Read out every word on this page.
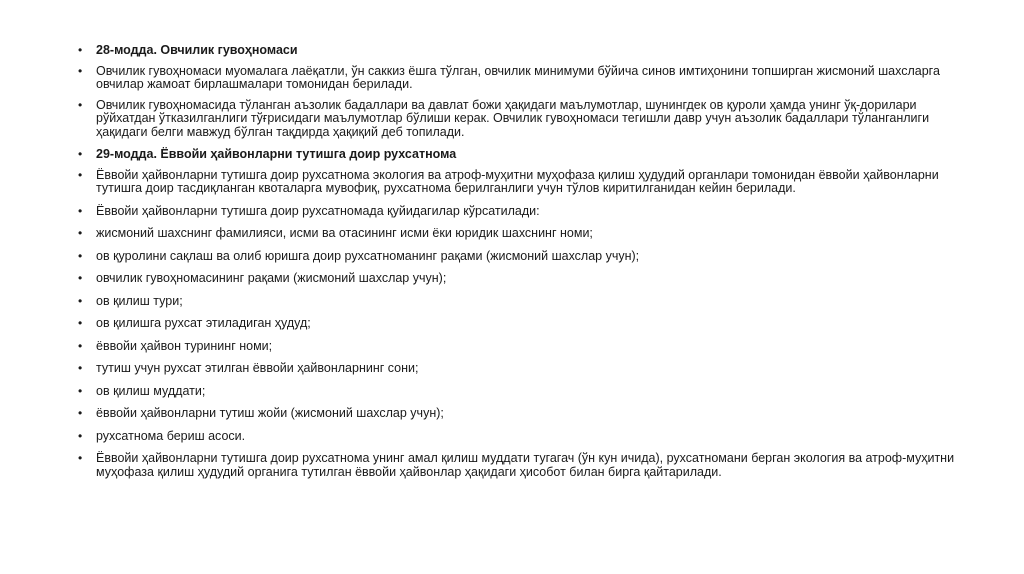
• 28-модда. Овчилик гувоҳномаси
• Овчилик гувоҳномаси муомалага лаёқатли, ўн саккиз ёшга тўлган, овчилик минимуми бўйича синов имтиҳонини топширган жисмоний шахсларга овчилар жамоат бирлашмалари томонидан берилади.
• Овчилик гувоҳномасида тўланган аъзолик бадаллари ва давлат божи ҳақидаги маълумотлар, шунингдек ов қуроли ҳамда унинг ўқ-дорилари рўйхатдан ўтказилганлиги тўғрисидаги маълумотлар бўлиши керак. Овчилик гувоҳномаси тегишли давр учун аъзолик бадаллари тўланганлиги ҳақидаги белги мавжуд бўлган тақдирда ҳақиқий деб топилади.
• 29-модда. Ёввойи ҳайвонларни тутишга доир рухсатнома
• Ёввойи ҳайвонларни тутишга доир рухсатнома экология ва атроф-муҳитни муҳофаза қилиш ҳудудий органлари томонидан ёввойи ҳайвонларни тутишга доир тасдиқланган квоталарга мувофиқ, рухсатнома берилганлиги учун тўлов киритилганидан кейин берилади.
• Ёввойи ҳайвонларни тутишга доир рухсатномада қуйидагилар кўрсатилади:
• жисмоний шахснинг фамилияси, исми ва отасининг исми ёки юридик шахснинг номи;
• ов қуролини сақлаш ва олиб юришга доир рухсатноманинг рақами (жисмоний шахслар учун);
• овчилик гувоҳномасининг рақами (жисмоний шахслар учун);
• ов қилиш тури;
• ов қилишга рухсат этиладиган ҳудуд;
• ёввойи ҳайвон турининг номи;
• тутиш учун рухсат этилган ёввойи ҳайвонларнинг сони;
• ов қилиш муддати;
• ёввойи ҳайвонларни тутиш жойи (жисмоний шахслар учун);
• рухсатнома бериш асоси.
• Ёввойи ҳайвонларни тутишга доир рухсатнома унинг амал қилиш муддати тугагач (ўн кун ичида), рухсатномани берган экология ва атроф-муҳитни муҳофаза қилиш ҳудудий органига тутилган ёввойи ҳайвонлар ҳақидаги ҳисобот билан бирга қайтарилади.
